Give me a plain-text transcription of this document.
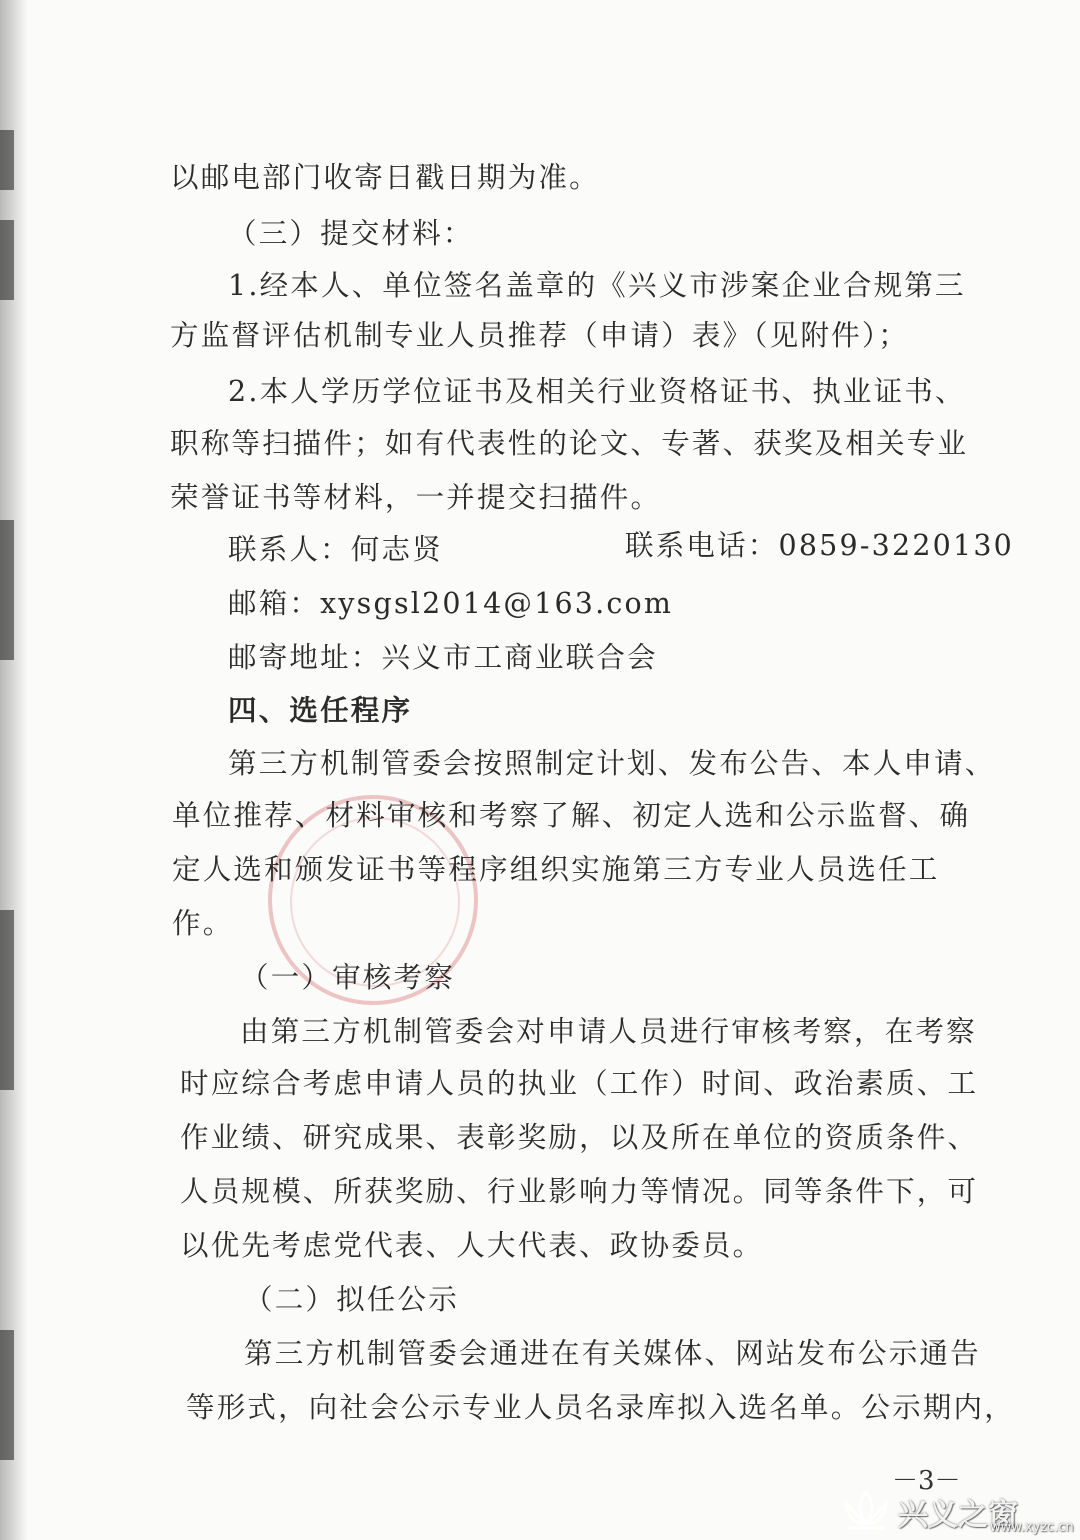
以邮电部门收寄日戳日期为准。
（三）提交材料：
1.经本人、单位签名盖章的《兴义市涉案企业合规第三
方监督评估机制专业人员推荐（申请）表》（见附件）；
2.本人学历学位证书及相关行业资格证书、执业证书、
职称等扫描件；如有代表性的论文、专著、获奖及相关专业
荣誉证书等材料，一并提交扫描件。
联系人：何志贤	联系电话：0859-3220130
邮箱：xysgsl2014@163.com
邮寄地址：兴义市工商业联合会
四、选任程序
第三方机制管委会按照制定计划、发布公告、本人申请、
单位推荐、材料审核和考察了解、初定人选和公示监督、确
定人选和颁发证书等程序组织实施第三方专业人员选任工
作。
（一）审核考察
由第三方机制管委会对申请人员进行审核考察，在考察
时应综合考虑申请人员的执业（工作）时间、政治素质、工
作业绩、研究成果、表彰奖励，以及所在单位的资质条件、
人员规模、所获奖励、行业影响力等情况。同等条件下，可
以优先考虑党代表、人大代表、政协委员。
（二）拟任公示
第三方机制管委会通进在有关媒体、网站发布公示通告
等形式，向社会公示专业人员名录库拟入选名单。公示期内，
－3－
兴义之窗
www.xyzc.cn
